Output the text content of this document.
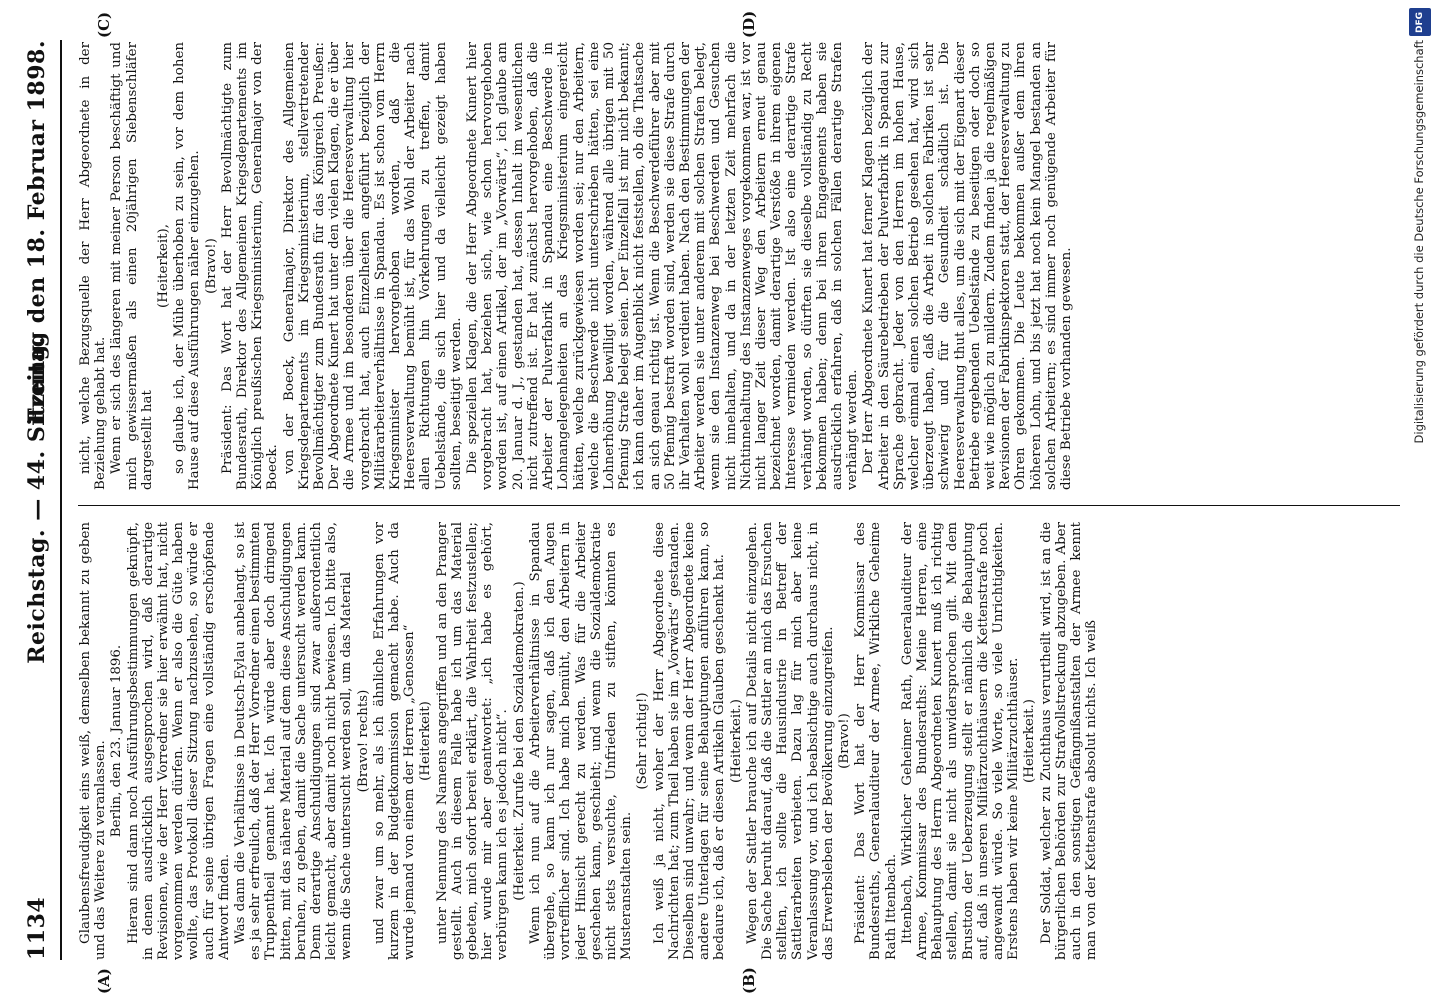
1134
Reichstag. — 44. Sitzung.
Freitag den 18. Februar 1898.
(A)	(B)
(C)	(D)

Glaubensfreudigkeit eins weiß, demselben bekannt zu geben und das Weitere zu veranlassen. Berlin, den 23. Januar 1896. Hieran sind dann noch Ausführungsbestimmungen geknüpft, in denen ausdrücklich ausgesprochen wird, daß derartige Revisionen, wie der Herr Vorredner sie hier erwähnt hat, nicht vorgenommen werden dürfen. Wenn er also die Güte haben wollte, das Protokoll dieser Sitzung nachzusehen, so würde er auch für seine übrigen Fragen eine vollständig erschöpfende Antwort finden. Was dann die Verhältnisse in Deutsch-Eylau anbelangt, so ist es ja sehr erfreulich, daß der Herr Vorredner einen bestimmten Truppentheil genannt hat. Ich würde aber doch dringend bitten, mit das nähere Material auf dem diese Anschuldigungen beruhen, zu geben, damit die Sache untersucht werden kann. Denn derartige Anschuldigungen sind zwar außerordentlich leicht gemacht, aber damit noch nicht bewiesen. Ich bitte also, wenn die Sache untersucht werden soll, um das Material (Bravo! rechts) und zwar um so mehr, als ich ähnliche Erfahrungen vor kurzem in der Budgetkommission gemacht habe. Auch da wurde jemand von einem der Herren „Genossen“ (Heiterkeit) unter Nennung des Namens angegriffen und an den Pranger gestellt. Auch in diesem Falle habe ich um das Material gebeten, mich sofort bereit erklärt, die Wahrheit festzustellen; hier wurde mir aber geantwortet: „ich habe es gehört, verbürgen kann ich es jedoch nicht“. (Heiterkeit. Zurufe bei den Sozialdemokraten.) Wenn ich nun auf die Arbeiterverhältnisse in Spandau übergehe, so kann ich nur sagen, daß ich den Augen vortrefflicher sind. Ich habe mich bemüht, den Arbeitern in jeder Hinsicht gerecht zu werden. Was für die Arbeiter geschehen kann, geschieht; und wenn die Sozialdemokratie nicht stets versuchte, Unfrieden zu stiften, könnten es Musteranstalten sein.

(Sehr richtig!) Ich weiß ja nicht, woher der Herr Abgeordnete diese Nachrichten hat; zum Theil haben sie im „Vorwärts“ gestanden. Dieselben sind unwahr; und wenn der Herr Abgeordnete keine andere Unterlagen für seine Behauptungen anführen kann, so bedaure ich, daß er diesen Artikeln Glauben geschenkt hat. (Heiterkeit.) Wegen der Sattler brauche ich auf Details nicht einzugehen. Die Sache beruht darauf, daß die Sattler an mich das Ersuchen stellten, ich sollte die Hausindustrie in Betreff der Sattlerarbeiten verbieten. Dazu lag für mich aber keine Veranlassung vor, und ich beabsichtige auch durchaus nicht, in das Erwerbsleben der Bevölkerung einzugreifen. (Bravo!) Präsident: Das Wort hat der Herr Kommissar des Bundesraths, Generalauditeur der Armee, Wirkliche Geheime Rath Ittenbach. Ittenbach, Wirklicher Geheimer Rath, Generalauditeur der Armee, Kommissar des Bundesraths: Meine Herren, eine Behauptung des Herrn Abgeordneten Kunert muß ich richtig stellen, damit sie nicht als unwidersprochen gilt. Mit dem Brustton der Ueberzeugung stellt er nämlich die Behauptung auf, daß in unseren Militärzuchthäusern die Kettenstrafe noch angewandt würde. So viele Worte, so viele Unrichtigkeiten. Erstens haben wir keine Militärzuchthäuser. (Heiterkeit.) Der Soldat, welcher zu Zuchthaus verurtheilt wird, ist an die bürgerlichen Behörden zur Strafvollstreckung abzugeben. Aber auch in den sonstigen Gefängnißanstalten der Armee kennt man von der Kettenstrafe absolut nichts. Ich weiß

nicht, welche Bezugsquelle der Herr Abgeordnete in der Beziehung gehabt hat. Wenn er sich des längeren mit meiner Person beschäftigt und mich gewissermaßen als einen 20jährigen Siebenschläfer dargestellt hat

(Heiterkeit), so glaube ich, der Mühe überhoben zu sein, vor dem hohen Hause auf diese Ausführungen näher einzugehen. (Bravo!) Präsident: Das Wort hat der Herr Bevollmächtigte zum Bundesrath, Direktor des Allgemeinen Kriegsdepartements im Königlich preußischen Kriegsministerium, Generalmajor von der Boeck. von der Boeck, Generalmajor, Direktor des Allgemeinen Kriegsdepartements im Kriegsministerium, stellvertretender Bevollmächtigter zum Bundesrath für das Königreich Preußen: Der Abgeordnete Kunert hat unter den vielen Klagen, die er über die Armee und im besonderen über die Heeresverwaltung hier vorgebracht hat, auch Einzelheiten angeführt bezüglich der Militärarbeiterverhältnisse in Spandau. Es ist schon vom Herrn Kriegsminister hervorgehoben worden, daß die Heeresverwaltung bemüht ist, für das Wohl der Arbeiter nach allen Richtungen hin Vorkehrungen zu treffen, damit Uebelstände, die sich hier und da vielleicht gezeigt haben sollten, beseitigt werden. Die speziellen Klagen, die der Herr Abgeordnete Kunert hier vorgebracht hat, beziehen sich, wie schon hervorgehoben worden ist, auf einen Artikel, der im „Vorwärts“, ich glaube am 20. Januar d. J., gestanden hat, dessen Inhalt im wesentlichen nicht zutreffend ist. Er hat zunächst hervorgehoben, daß die Arbeiter der Pulverfabrik in Spandau eine Beschwerde in Lohnangelegenheiten an das Kriegsministerium eingereicht hätten, welche zurückgewiesen worden sei; nur den Arbeitern, welche die Beschwerde nicht unterschrieben hätten, sei eine Lohnerhöhung bewilligt worden, während alle übrigen mit 50 Pfennig Strafe belegt seien. Der Einzelfall ist mir nicht bekannt; ich kann daher im Augenblick nicht feststellen, ob die Thatsache an sich genau richtig ist. Wenn die Beschwerdeführer aber mit 50 Pfennig bestraft worden sind, werden sie diese Strafe durch ihr Verhalten wohl verdient haben. Nach den Bestimmungen der Arbeiter werden sie unter anderem mit solchen Strafen belegt, wenn sie den Instanzenweg bei Beschwerden und Gesuchen nicht innehalten, und da in der letzten Zeit mehrfach die Nichtinnehaltung des Instanzenweges vorgekommen war, ist vor nicht langer Zeit dieser Weg den Arbeitern erneut genau bezeichnet worden, damit derartige Verstöße in ihrem eigenen Interesse vermieden werden. Ist also eine derartige Strafe verhängt worden, so dürften sie dieselbe vollständig zu Recht bekommen haben; denn bei ihren Engagements haben sie ausdrücklich erfahren, daß in solchen Fällen derartige Strafen verhängt werden. Der Herr Abgeordnete Kunert hat ferner Klagen bezüglich der Arbeiter in den Säurebetrieben der Pulverfabrik in Spandau zur Sprache gebracht. Jeder von den Herren im hohen Hause, welcher einmal einen solchen Betrieb gesehen hat, wird sich überzeugt haben, daß die Arbeit in solchen Fabriken ist sehr schwierig und für die Gesundheit schädlich ist. Die Heeresverwaltung thut alles, um die sich mit der Eigenart dieser Betriebe ergebenden Uebelstände zu beseitigen oder doch so weit wie möglich zu mildern. Zudem finden ja die regelmäßigen Revisionen der Fabrikinspektoren statt, der Heeresverwaltung zu Ohren gekommen. Die Leute bekommen außer dem ihren höheren Lohn, und bis jetzt hat noch kein Mangel bestanden an solchen Arbeitern; es sind immer noch genügende Arbeiter für diese Betriebe vorhanden gewesen.

DFG
Digitalisierung gefördert durch die Deutsche Forschungsgemeinschaft
